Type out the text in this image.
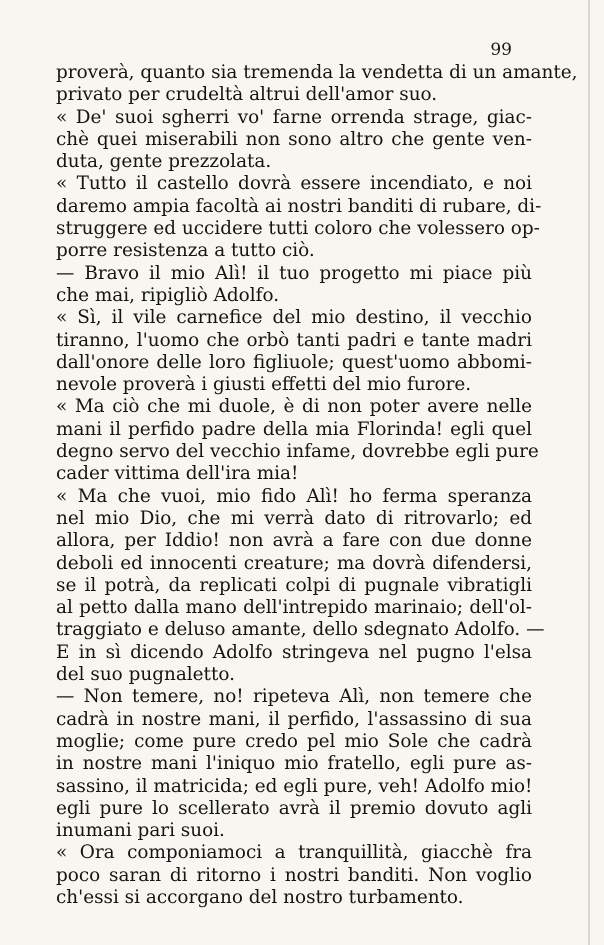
99
proverà, quanto sia tremenda la vendetta di un amante,
privato per crudeltà altrui dell'amor suo.
« De' suoi sgherri vo' farne orrenda strage, giac-
chè quei miserabili non sono altro che gente ven-
duta, gente prezzolata.
« Tutto il castello dovrà essere incendiato, e noi
daremo ampia facoltà ai nostri banditi di rubare, di-
struggere ed uccidere tutti coloro che volessero op-
porre resistenza a tutto ciò.
— Bravo il mio Alì! il tuo progetto mi piace più
che mai, ripigliò Adolfo.
« Sì, il vile carnefice del mio destino, il vecchio
tiranno, l'uomo che orbò tanti padri e tante madri
dall'onore delle loro figliuole; quest'uomo abbomi-
nevole proverà i giusti effetti del mio furore.
« Ma ciò che mi duole, è di non poter avere nelle
mani il perfido padre della mia Florinda! egli quel
degno servo del vecchio infame, dovrebbe egli pure
cader vittima dell'ira mia!
« Ma che vuoi, mio fido Alì! ho ferma speranza
nel mio Dio, che mi verrà dato di ritrovarlo; ed
allora, per Iddio! non avrà a fare con due donne
deboli ed innocenti creature; ma dovrà difendersi,
se il potrà, da replicati colpi di pugnale vibratigli
al petto dalla mano dell'intrepido marinaio; dell'ol-
traggiato e deluso amante, dello sdegnato Adolfo. —
E in sì dicendo Adolfo stringeva nel pugno l'elsa
del suo pugnaletto.
— Non temere, no! ripeteva Alì, non temere che
cadrà in nostre mani, il perfido, l'assassino di sua
moglie; come pure credo pel mio Sole che cadrà
in nostre mani l'iniquo mio fratello, egli pure as-
sassino, il matricida; ed egli pure, veh! Adolfo mio!
egli pure lo scellerato avrà il premio dovuto agli
inumani pari suoi.
« Ora componiamoci a tranquillità, giacchè fra
poco saran di ritorno i nostri banditi. Non voglio
ch'essi si accorgano del nostro turbamento.
